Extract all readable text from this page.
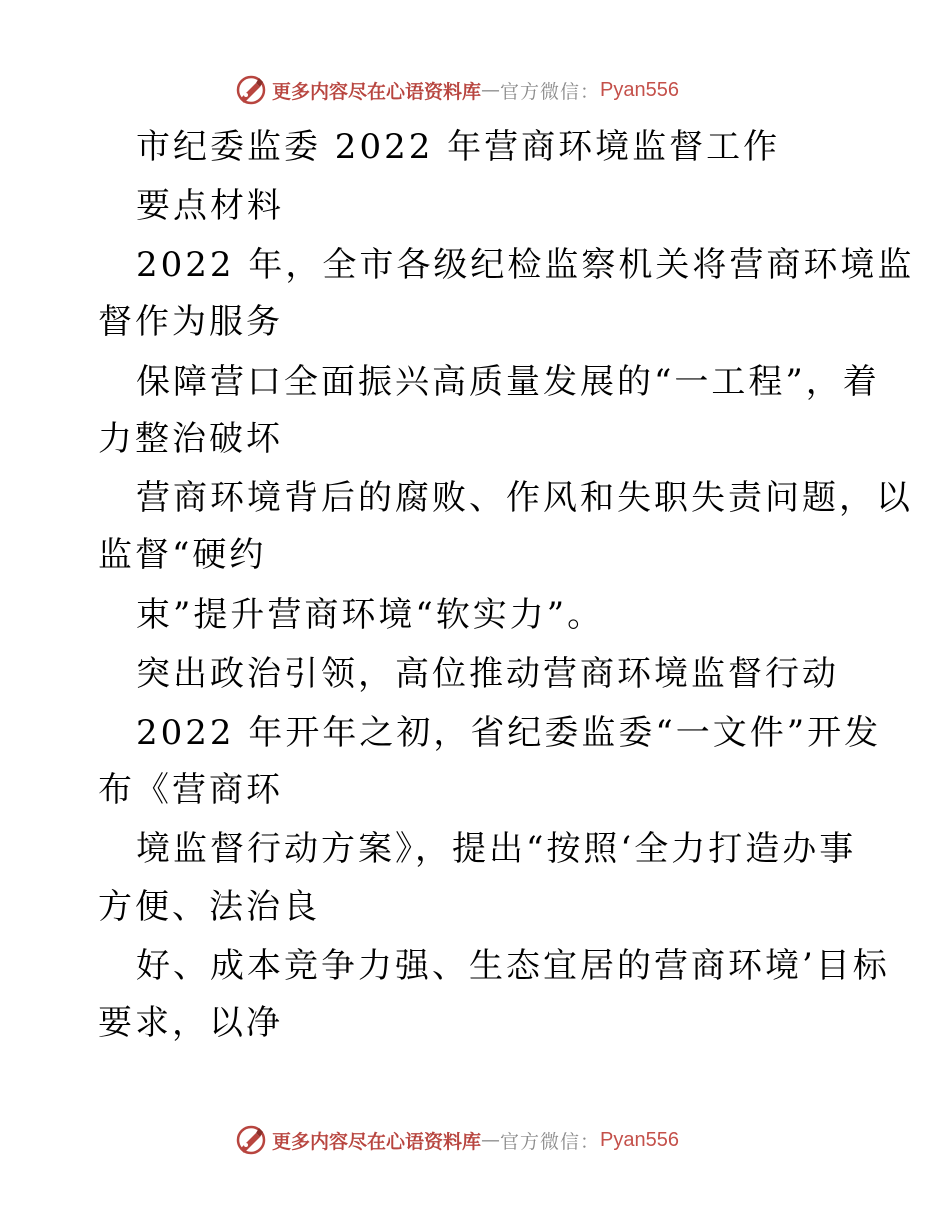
更多内容尽在心语资料库 — 官方微信： Pyan556
市纪委监委 2022 年营商环境监督工作
要点材料
2022 年，全市各级纪检监察机关将营商环境监
督作为服务
保障营口全面振兴高质量发展的“一工程”，着
力整治破坏
营商环境背后的腐败、作风和失职失责问题，以
监督“硬约
束”提升营商环境“软实力”。
突出政治引领，高位推动营商环境监督行动
2022 年开年之初，省纪委监委“一文件”开发
布《营商环
境监督行动方案》，提出“按照‘全力打造办事
方便、法治良
好、成本竞争力强、生态宜居的营商环境’目标
要求，以净
更多内容尽在心语资料库 — 官方微信： Pyan556
